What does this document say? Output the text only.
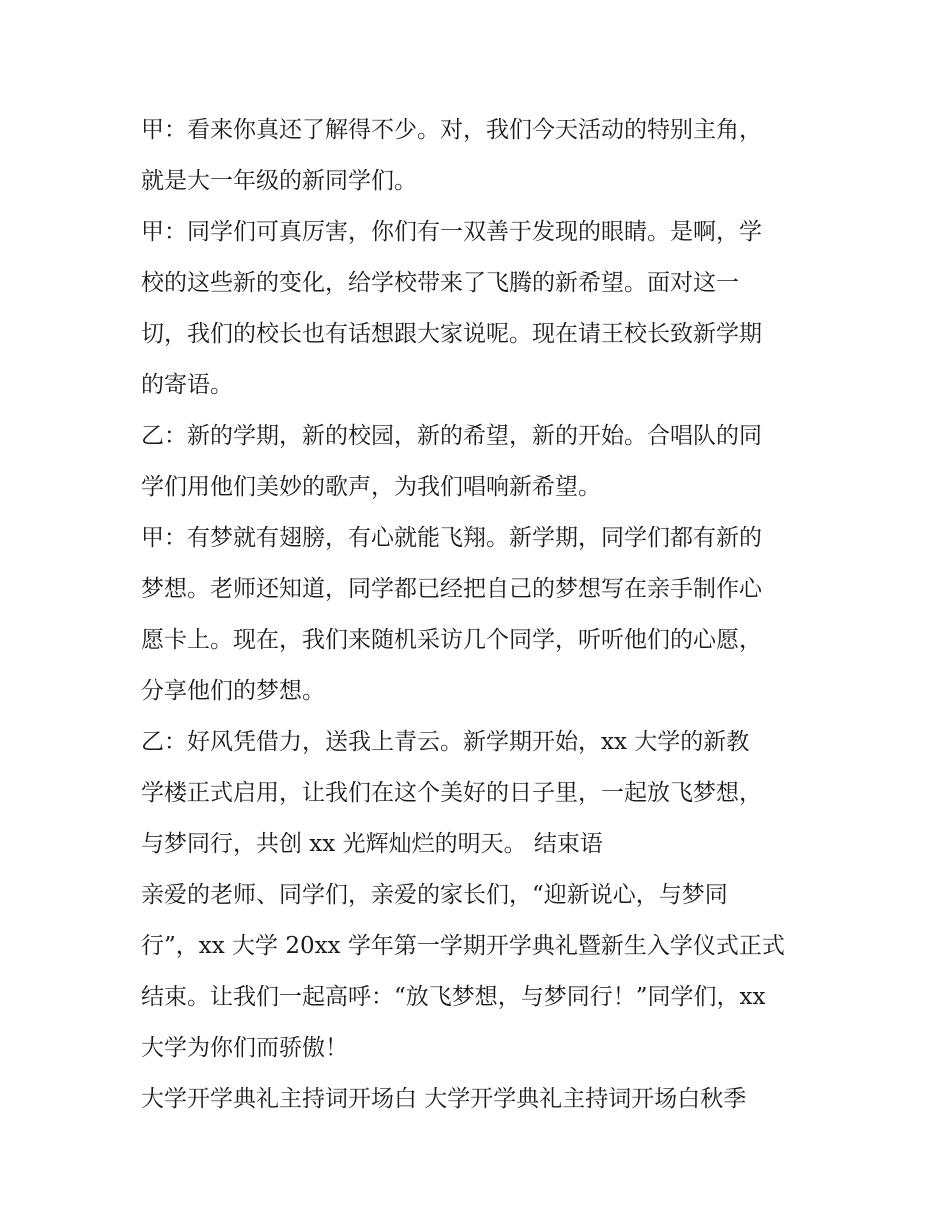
甲：看来你真还了解得不少。对，我们今天活动的特别主角，
就是大一年级的新同学们。
甲：同学们可真厉害，你们有一双善于发现的眼睛。是啊，学
校的这些新的变化，给学校带来了飞腾的新希望。面对这一
切，我们的校长也有话想跟大家说呢。现在请王校长致新学期
的寄语。
乙：新的学期，新的校园，新的希望，新的开始。合唱队的同
学们用他们美妙的歌声，为我们唱响新希望。
甲：有梦就有翅膀，有心就能飞翔。新学期，同学们都有新的
梦想。老师还知道，同学都已经把自己的梦想写在亲手制作心
愿卡上。现在，我们来随机采访几个同学，听听他们的心愿，
分享他们的梦想。
乙：好风凭借力，送我上青云。新学期开始，xx 大学的新教
学楼正式启用，让我们在这个美好的日子里，一起放飞梦想，
与梦同行，共创 xx 光辉灿烂的明天。 结束语
亲爱的老师、同学们，亲爱的家长们，“迎新说心，与梦同
行”，xx 大学 20xx 学年第一学期开学典礼暨新生入学仪式正式
结束。让我们一起高呼：“放飞梦想，与梦同行！”同学们，xx
大学为你们而骄傲！
大学开学典礼主持词开场白 大学开学典礼主持词开场白秋季
